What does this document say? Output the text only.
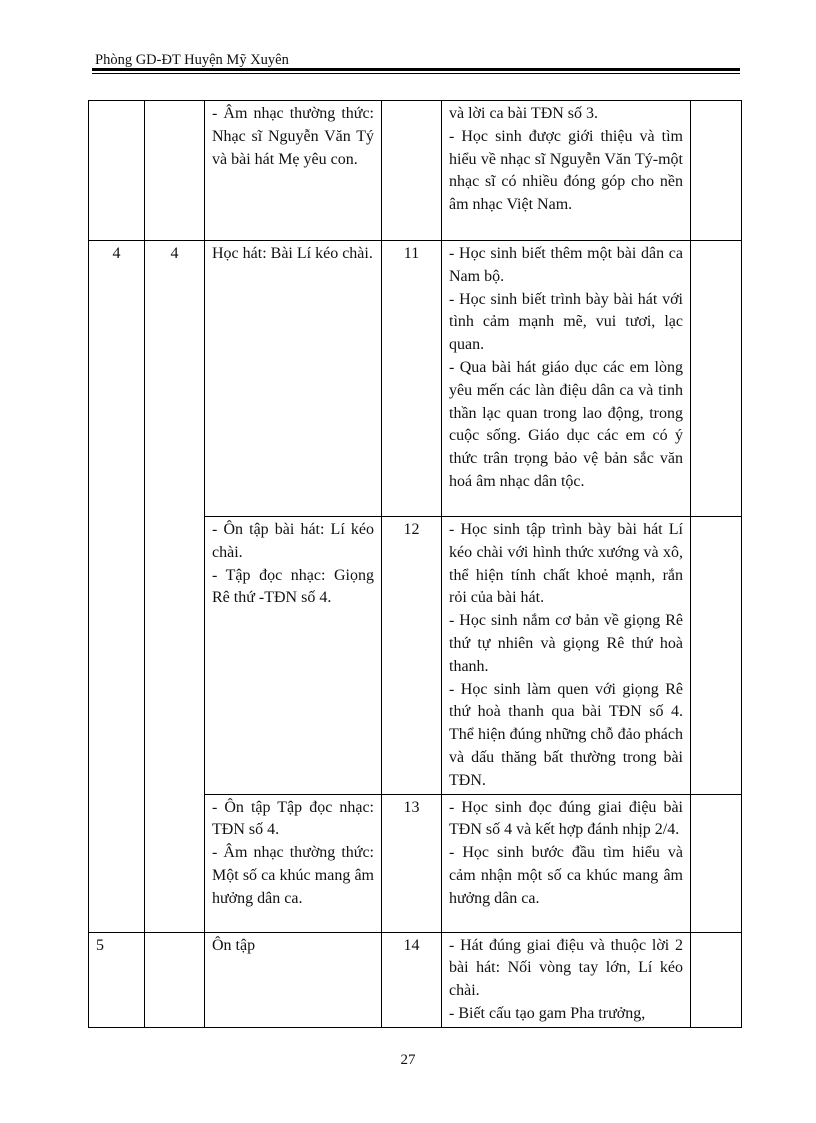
Phòng GD-ĐT Huyện Mỹ Xuyên
		- Âm nhạc thường thức: Nhạc sĩ Nguyễn Văn Tý và bài hát Mẹ yêu con.		và lời ca bài TĐN số 3.
- Học sinh được giới thiệu và tìm hiểu về nhạc sĩ Nguyễn Văn Tý-một nhạc sĩ có nhiều đóng góp cho nền âm nhạc Việt Nam.	
4	4	Học hát: Bài Lí kéo chài.	11	- Học sinh biết thêm một bài dân ca Nam bộ.
- Học sinh biết trình bày bài hát với tình cảm mạnh mẽ, vui tươi, lạc quan.
- Qua bài hát giáo dục các em lòng yêu mến các làn điệu dân ca và tinh thần lạc quan trong lao động, trong cuộc sống. Giáo dục các em có ý thức trân trọng bảo vệ bản sắc văn hoá âm nhạc dân tộc.	
		- Ôn tập bài hát: Lí kéo chài.
- Tập đọc nhạc: Giọng Rê thứ -TĐN số 4.	12	- Học sinh tập trình bày bài hát Lí kéo chài với hình thức xướng và xô, thể hiện tính chất khoẻ mạnh, rắn rỏi của bài hát.
- Học sinh nắm cơ bản về giọng Rê thứ tự nhiên và giọng Rê thứ hoà thanh.
- Học sinh làm quen với giọng Rê thứ hoà thanh qua bài TĐN số 4. Thể hiện đúng những chỗ đảo phách và dấu thăng bất thường trong bài TĐN.	
		- Ôn tập Tập đọc nhạc: TĐN số 4.
- Âm nhạc thường thức: Một số ca khúc mang âm hưởng dân ca.	13	- Học sinh đọc đúng giai điệu bài TĐN số 4 và kết hợp đánh nhịp 2/4.
- Học sinh bước đầu tìm hiểu và cảm nhận một số ca khúc mang âm hưởng dân ca.	
5		Ôn tập	14	- Hát đúng giai điệu và thuộc lời 2 bài hát: Nối vòng tay lớn, Lí kéo chài.
- Biết cấu tạo gam Pha trưởng,	
27
